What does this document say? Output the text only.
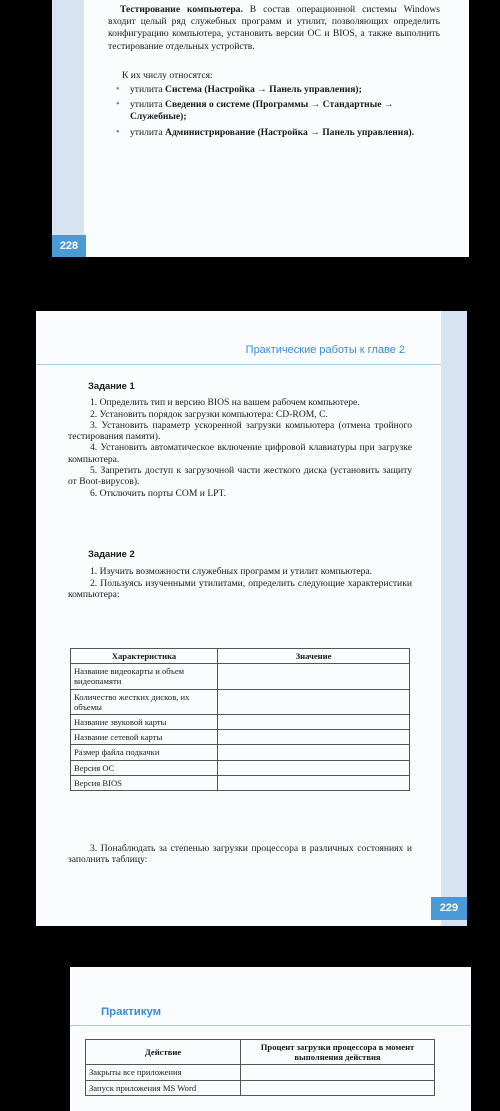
Тестирование компьютера. В состав операционной системы Windows входит целый ряд служебных программ и утилит, позволяющих определить конфигурацию компьютера, установить версии ОС и BIOS, а также выполнить тестирование отдельных устройств.

К их числу относятся:

• утилита Система (Настройка → Панель управления);
• утилита Сведения о системе (Программы → Стандартные → Служебные);
• утилита Администрирование (Настройка → Панель управления).
228
Практические работы к главе 2

Задание 1

1. Определить тип и версию BIOS на вашем рабочем компьютере.

2. Установить порядок загрузки компьютера: CD-ROM, C.

3. Установить параметр ускоренной загрузки компьютера (отмена тройного тестирования памяти).

4. Установить автоматическое включение цифровой клавиатуры при загрузке компьютера.

5. Запретить доступ к загрузочной части жесткого диска (установить защиту от Boot-вирусов).

6. Отключить порты COM и LPT.

Задание 2

1. Изучить возможности служебных программ и утилит компьютера.

2. Пользуясь изученными утилитами, определить следующие характеристики компьютера:

Характеристика	Значение
Название видеокарты и объем видеопамяти	
Количество жестких дисков, их объемы	
Название звуковой карты	
Название сетевой карты	
Размер файла подкачки	
Версия ОС	
Версия BIOS	

3. Понаблюдать за степенью загрузки процессора в различных состояниях и заполнить таблицу:

229
Практикум
Действие	Процент загрузки процессора в момент выполнения действия
Закрыты все приложения	
Запуск приложения MS Word	
